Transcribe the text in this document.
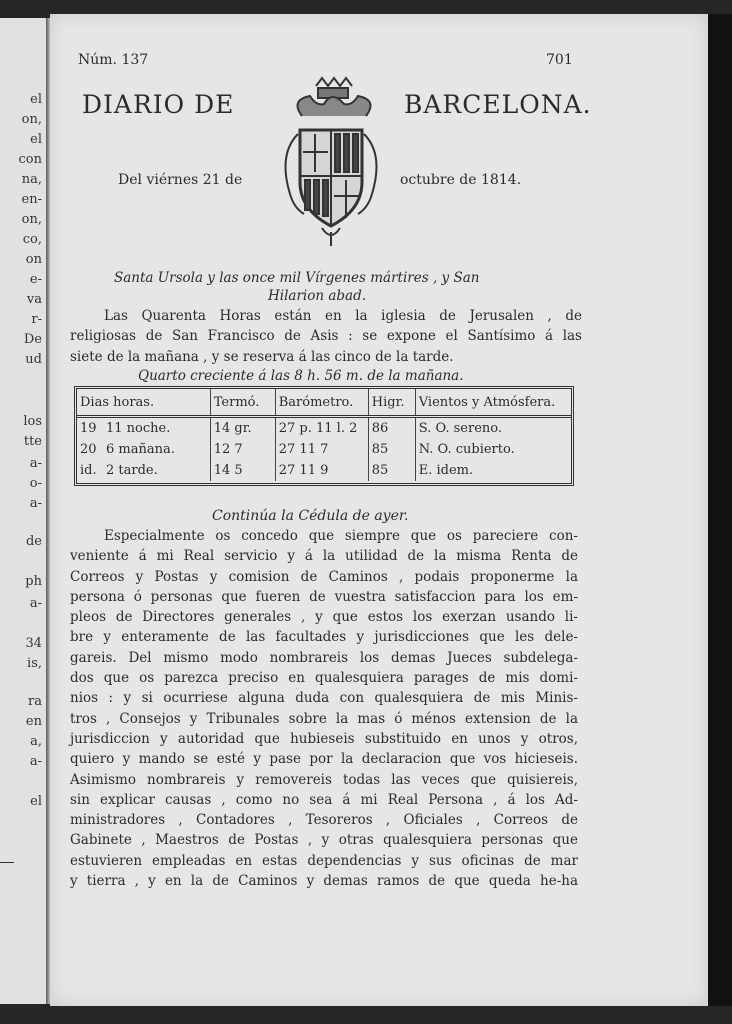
el
on,
el
con
na,
en-
on,
co,
on
e-
va
r-
De
ud
los
tte
a-
o-
a-
de
ph
a-
34
is,
ra
en
a,
a-
el
Núm. 137	701
DIARIO DE	BARCELONA.
Del viérnes 21 de	octubre de 1814.
Santa Ursola y las once mil Vírgenes mártires , y San
Hilarion abad.
Las Quarenta Horas están en la iglesia de Jerusalen , de
religiosas de San Francisco de Asis : se expone el Santísimo á las
siete de la mañana , y se reserva á las cinco de la tarde.
Quarto creciente á las 8 h. 56 m. de la mañana.
Dias horas.		Termó.	Barómetro.	Higr.	Vientos y Atmósfera.
19	11 noche.	14 gr.	27 p. 11 l. 2	86	S. O. sereno.
20	6 mañana.	12 7	27 11 7	85	N. O. cubierto.
id.	2 tarde.	14 5	27 11 9	85	E. idem.
Continúa la Cédula de ayer.
Especialmente os concedo que siempre que os pareciere con-
veniente á mi Real servicio y á la utilidad de la misma Renta de
Correos y Postas y comision de Caminos , podais proponerme la
persona ó personas que fueren de vuestra satisfaccion para los em-
pleos de Directores generales , y que estos los exerzan usando li-
bre y enteramente de las facultades y jurisdicciones que les dele-
gareis. Del mismo modo nombrareis los demas Jueces subdelega-
dos que os parezca preciso en qualesquiera parages de mis domi-
nios : y si ocurriese alguna duda con qualesquiera de mis Minis-
tros , Consejos y Tribunales sobre la mas ó ménos extension de la
jurisdiccion y autoridad que hubieseis substituido en unos y otros,
quiero y mando se esté y pase por la declaracion que vos hicieseis.
Asimismo nombrareis y removereis todas las veces que quisiereis,
sin explicar causas , como no sea á mi Real Persona , á los Ad-
ministradores , Contadores , Tesoreros , Oficiales , Correos de
Gabinete , Maestros de Postas , y otras qualesquiera personas que
estuvieren empleadas en estas dependencias y sus oficinas de mar
y tierra , y en la de Caminos y demas ramos de que queda he-ha
